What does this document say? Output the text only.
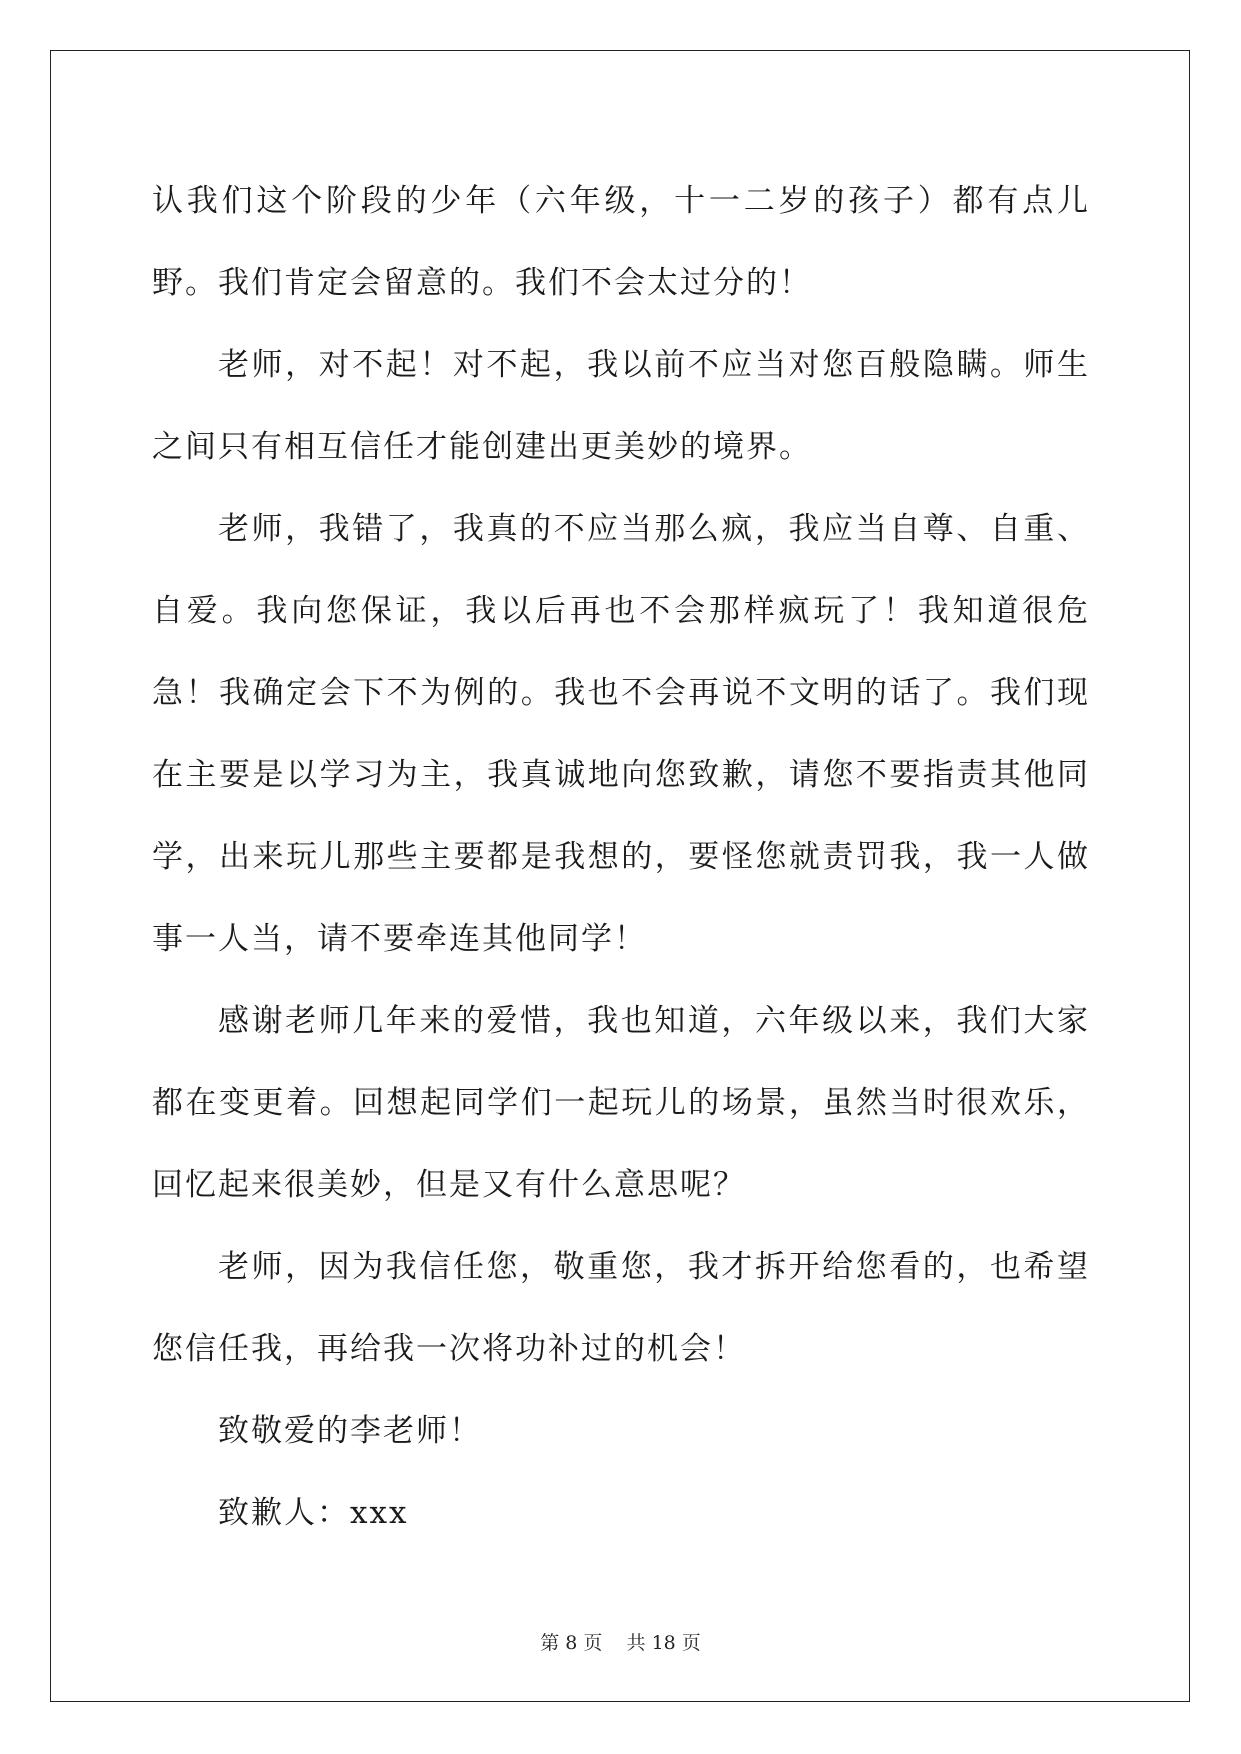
认我们这个阶段的少年（六年级，十一二岁的孩子）都有点儿野。我们肯定会留意的。我们不会太过分的！

老师，对不起！对不起，我以前不应当对您百般隐瞒。师生之间只有相互信任才能创建出更美妙的境界。

老师，我错了，我真的不应当那么疯，我应当自尊、自重、自爱。我向您保证，我以后再也不会那样疯玩了！我知道很危急！我确定会下不为例的。我也不会再说不文明的话了。我们现在主要是以学习为主，我真诚地向您致歉，请您不要指责其他同学，出来玩儿那些主要都是我想的，要怪您就责罚我，我一人做事一人当，请不要牵连其他同学！

感谢老师几年来的爱惜，我也知道，六年级以来，我们大家都在变更着。回想起同学们一起玩儿的场景，虽然当时很欢乐，回忆起来很美妙，但是又有什么意思呢？

老师，因为我信任您，敬重您，我才拆开给您看的，也希望您信任我，再给我一次将功补过的机会！

致敬爱的李老师！

致歉人：xxx

第 8 页    共 18 页
